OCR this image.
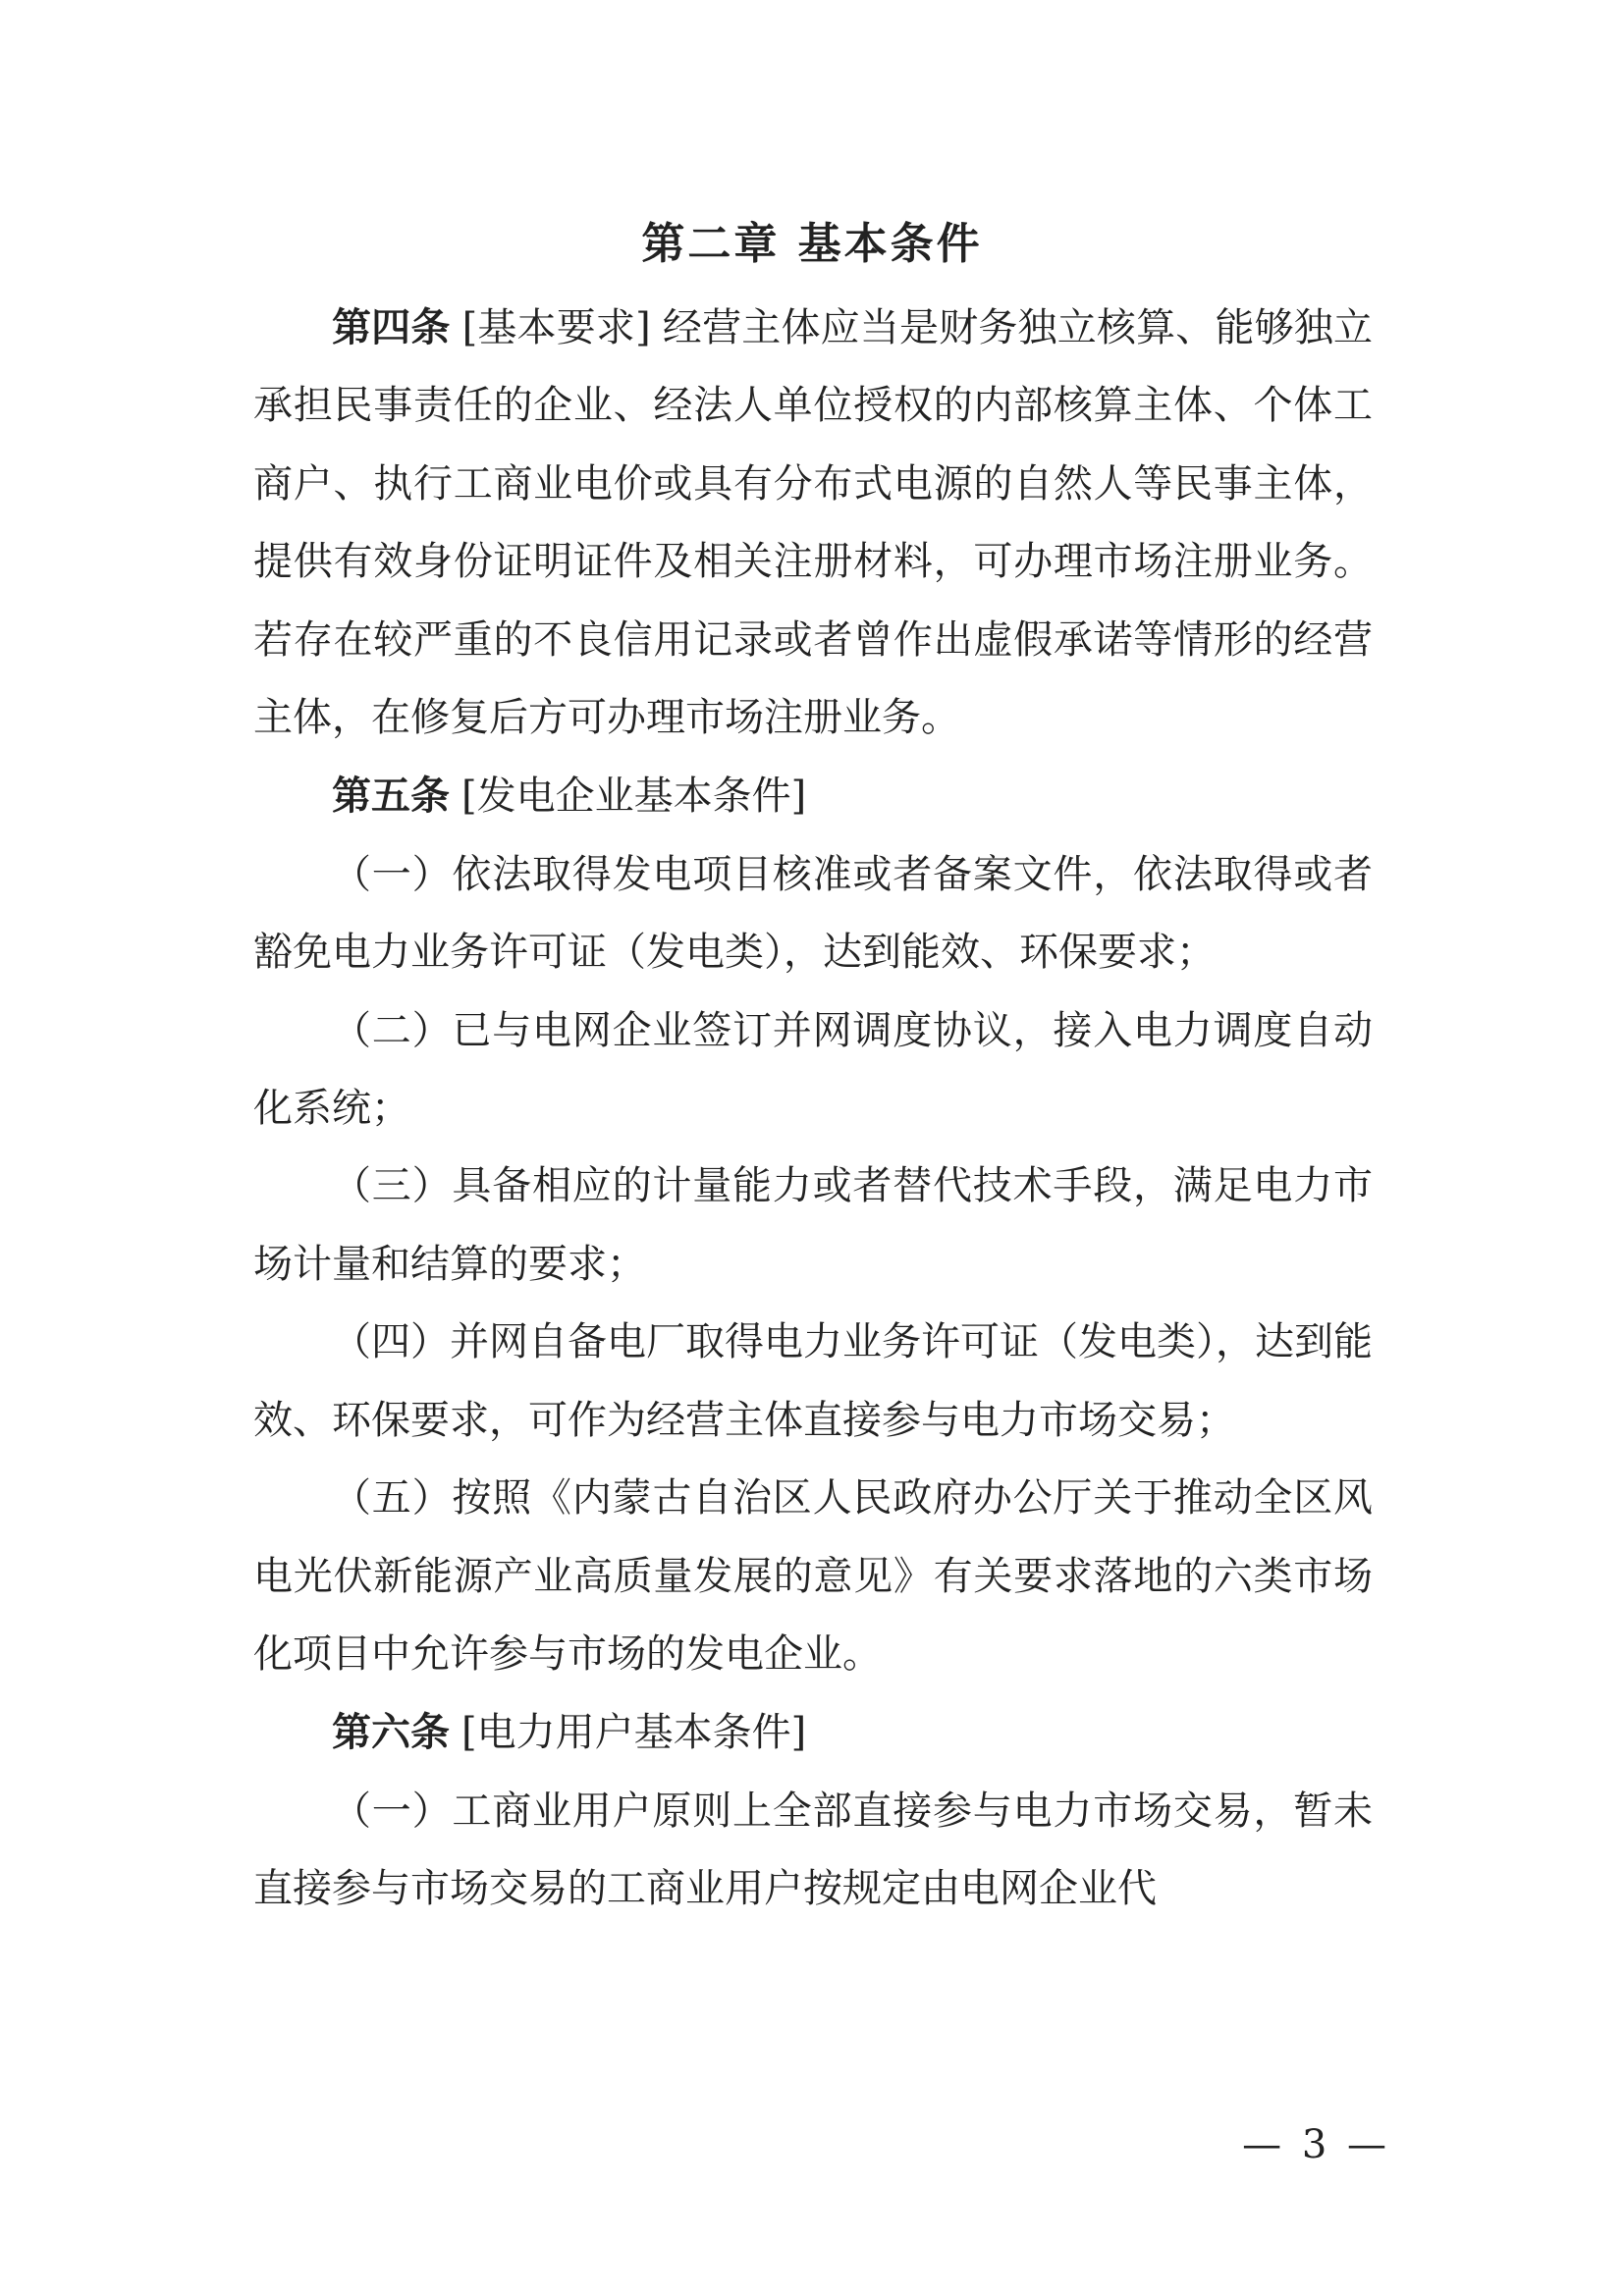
第二章 基本条件

第四条 [基本要求] 经营主体应当是财务独立核算、能够独立承担民事责任的企业、经法人单位授权的内部核算主体、个体工商户、执行工商业电价或具有分布式电源的自然人等民事主体，提供有效身份证明证件及相关注册材料，可办理市场注册业务。若存在较严重的不良信用记录或者曾作出虚假承诺等情形的经营主体，在修复后方可办理市场注册业务。

第五条 [发电企业基本条件]

（一）依法取得发电项目核准或者备案文件，依法取得或者豁免电力业务许可证（发电类），达到能效、环保要求；

（二）已与电网企业签订并网调度协议，接入电力调度自动化系统；

（三）具备相应的计量能力或者替代技术手段，满足电力市场计量和结算的要求；

（四）并网自备电厂取得电力业务许可证（发电类），达到能效、环保要求，可作为经营主体直接参与电力市场交易；

（五）按照《内蒙古自治区人民政府办公厅关于推动全区风电光伏新能源产业高质量发展的意见》有关要求落地的六类市场化项目中允许参与市场的发电企业。

第六条 [电力用户基本条件]

（一）工商业用户原则上全部直接参与电力市场交易，暂未直接参与市场交易的工商业用户按规定由电网企业代

— 3 —
